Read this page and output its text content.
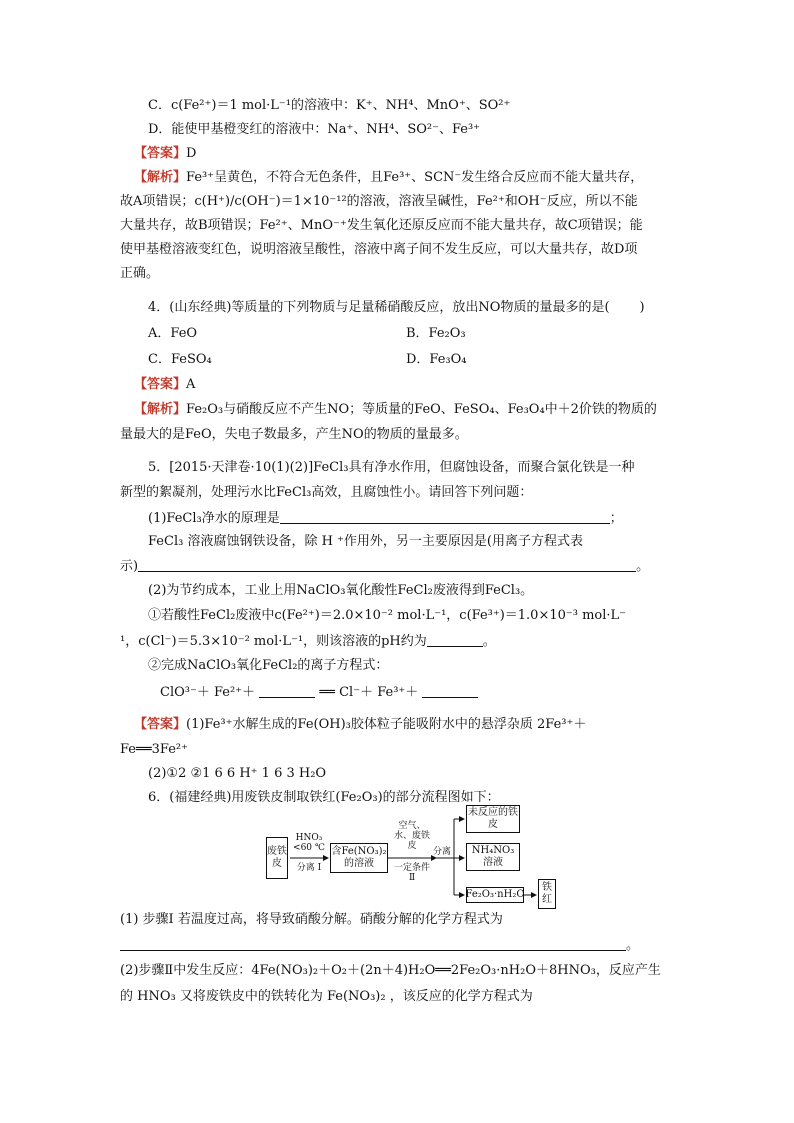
C．c(Fe²⁺)＝1 mol·L⁻¹的溶液中：K⁺、NH⁴、MnO⁺、SO²⁺
D．能使甲基橙变红的溶液中：Na⁺、NH⁴、SO²⁻、Fe³⁺
【答案】D
【解析】Fe³⁺呈黄色，不符合无色条件，且Fe³⁺、SCN⁻发生络合反应而不能大量共存，
故A项错误；c(H⁺)/c(OH⁻)＝1×10⁻¹²的溶液，溶液呈碱性，Fe²⁺和OH⁻反应，所以不能
大量共存，故B项错误；Fe²⁺、MnO⁻⁺发生氧化还原反应而不能大量共存，故C项错误；能
使甲基橙溶液变红色，说明溶液呈酸性，溶液中离子间不发生反应，可以大量共存，故D项
正确。
4．(山东经典)等质量的下列物质与足量稀硝酸反应，放出NO物质的量最多的是( )
A．FeO	B．Fe₂O₃
C．FeSO₄	D．Fe₃O₄
【答案】A
【解析】Fe₂O₃与硝酸反应不产生NO；等质量的FeO、FeSO₄、Fe₃O₄中＋2价铁的物质的
量最大的是FeO，失电子数最多，产生NO的物质的量最多。
5．[2015·天津卷·10(1)(2)]FeCl₃具有净水作用，但腐蚀设备，而聚合氯化铁是一种
新型的絮凝剂，处理污水比FeCl₃高效，且腐蚀性小。请回答下列问题：
(1)FeCl₃净水的原理是	；
FeCl₃ 溶液腐蚀钢铁设备，除 H ⁺作用外，另一主要原因是(用离子方程式表
示)	。
(2)为节约成本，工业上用NaClO₃氧化酸性FeCl₂废液得到FeCl₃。
①若酸性FeCl₂废液中c(Fe²⁺)＝2.0×10⁻² mol·L⁻¹，c(Fe³⁺)＝1.0×10⁻³ mol·L⁻
¹，c(Cl⁻)＝5.3×10⁻² mol·L⁻¹，则该溶液的pH约为	。
②完成NaClO₃氧化FeCl₂的离子方程式：
ClO³⁻＋ Fe²⁺＋	══ Cl⁻＋ Fe³⁺＋
【答案】(1)Fe³⁺水解生成的Fe(OH)₃胶体粒子能吸附水中的悬浮杂质 2Fe³⁺＋
Fe══3Fe²⁺
(2)①2 ②1 6 6 H⁺ 1 6 3 H₂O
6．(福建经典)用废铁皮制取铁红(Fe₂O₃)的部分流程图如下：
废铁皮
HNO₃ <60 ℃
分离 Ⅰ
含Fe(NO₃)₂的溶液
空气、水、废铁皮
一定条件 Ⅱ
分离
未反应的铁皮
NH₄NO₃溶液
Fe₂O₃·nH₂O
铁红
(1) 步骤Ⅰ 若温度过高，将导致硝酸分解。硝酸分解的化学方程式为
。
(2)步骤Ⅱ中发生反应：4Fe(NO₃)₂＋O₂＋(2n＋4)H₂O══2Fe₂O₃·nH₂O＋8HNO₃，反应产生
的 HNO₃ 又将废铁皮中的铁转化为 Fe(NO₃)₂ ，该反应的化学方程式为
